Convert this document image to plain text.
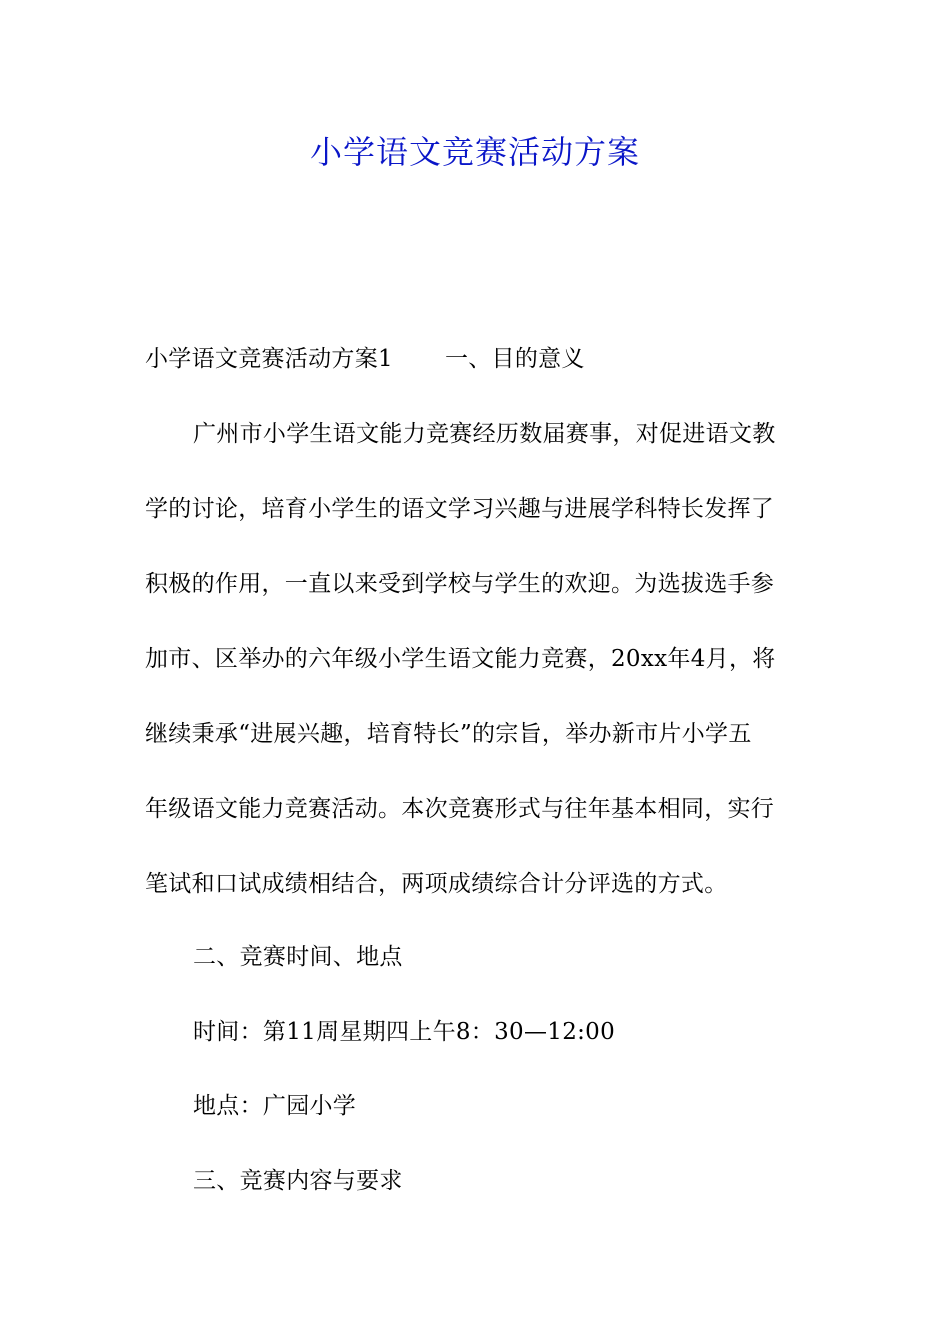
小学语文竞赛活动方案
小学语文竞赛活动方案1 一、目的意义
广州市小学生语文能力竞赛经历数届赛事，对促进语文教
学的讨论，培育小学生的语文学习兴趣与进展学科特长发挥了
积极的作用，一直以来受到学校与学生的欢迎。为选拔选手参
加市、区举办的六年级小学生语文能力竞赛，20xx年4月，将
继续秉承“进展兴趣，培育特长”的宗旨，举办新市片小学五
年级语文能力竞赛活动。本次竞赛形式与往年基本相同，实行
笔试和口试成绩相结合，两项成绩综合计分评选的方式。
二、竞赛时间、地点
时间：第11周星期四上午8：30—12:00
地点：广园小学
三、竞赛内容与要求
